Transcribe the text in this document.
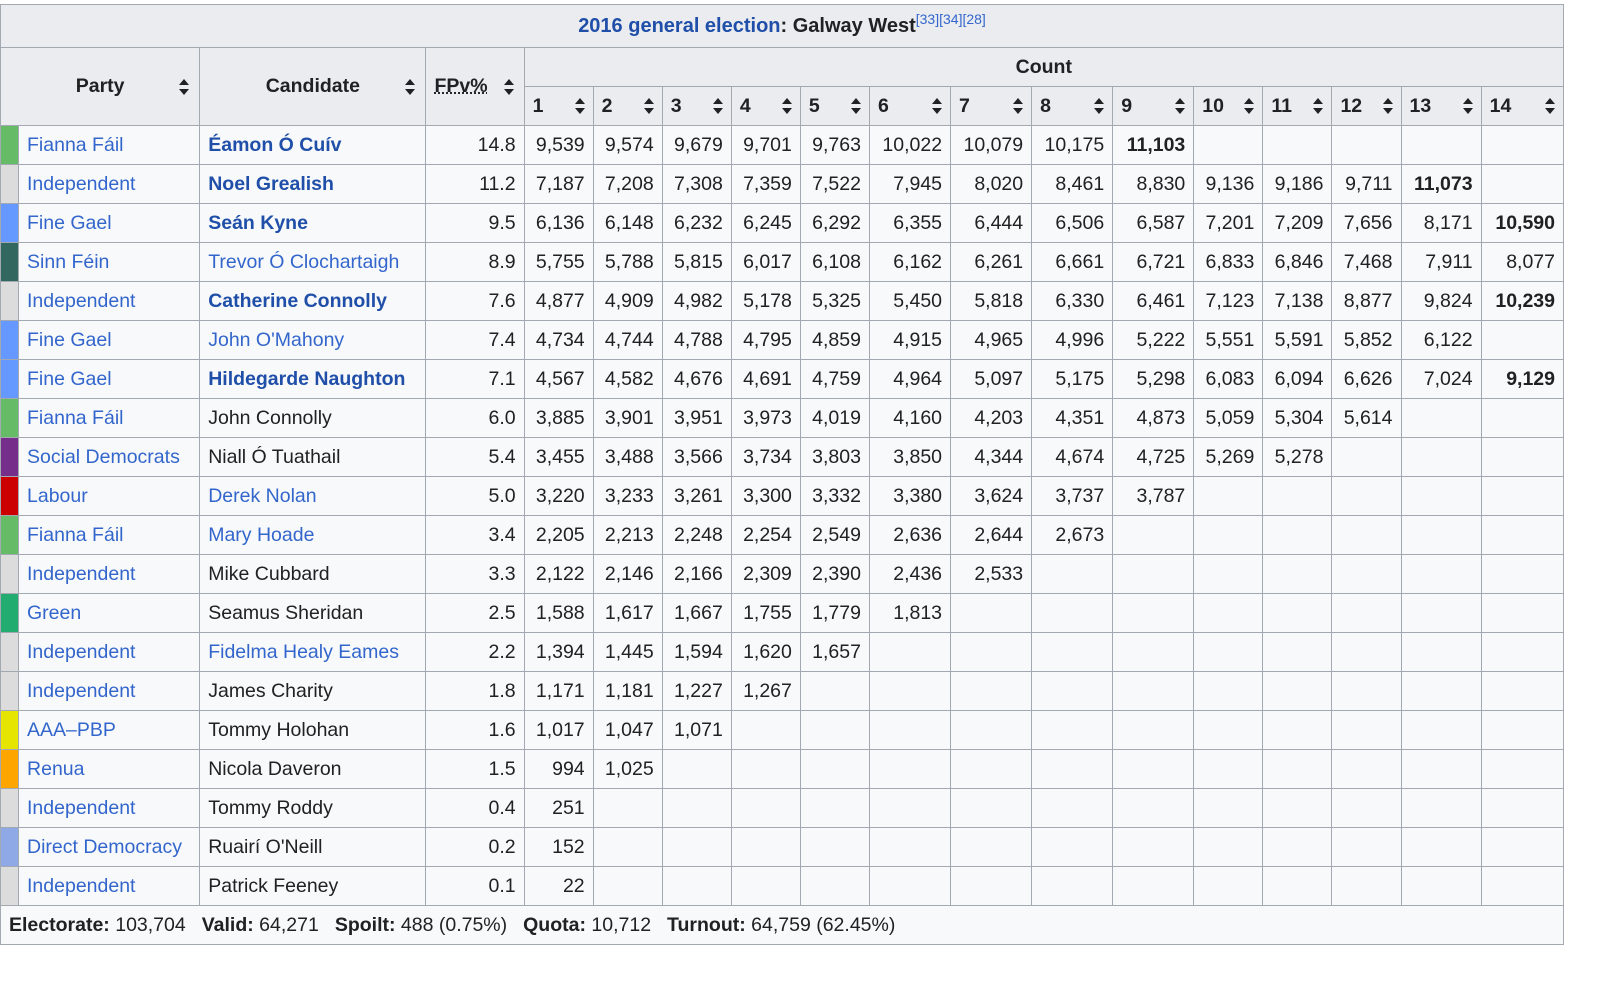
2016 general election: Galway West[33][34][28]
Party		Candidate	FPv%	Count													
				1	2	3	4	5	6	7	8	9	10	11	12	13	14

	Fianna Fáil	Éamon Ó Cuív	14.8	9,539	9,574	9,679	9,701	9,763	10,022	10,079	10,175	11,103					
	Independent	Noel Grealish	11.2	7,187	7,208	7,308	7,359	7,522	7,945	8,020	8,461	8,830	9,136	9,186	9,711	11,073	
	Fine Gael	Seán Kyne	9.5	6,136	6,148	6,232	6,245	6,292	6,355	6,444	6,506	6,587	7,201	7,209	7,656	8,171	10,590
	Sinn Féin	Trevor Ó Clochartaigh	8.9	5,755	5,788	5,815	6,017	6,108	6,162	6,261	6,661	6,721	6,833	6,846	7,468	7,911	8,077
	Independent	Catherine Connolly	7.6	4,877	4,909	4,982	5,178	5,325	5,450	5,818	6,330	6,461	7,123	7,138	8,877	9,824	10,239
	Fine Gael	John O'Mahony	7.4	4,734	4,744	4,788	4,795	4,859	4,915	4,965	4,996	5,222	5,551	5,591	5,852	6,122	
	Fine Gael	Hildegarde Naughton	7.1	4,567	4,582	4,676	4,691	4,759	4,964	5,097	5,175	5,298	6,083	6,094	6,626	7,024	9,129
	Fianna Fáil	John Connolly	6.0	3,885	3,901	3,951	3,973	4,019	4,160	4,203	4,351	4,873	5,059	5,304	5,614		
	Social Democrats	Niall Ó Tuathail	5.4	3,455	3,488	3,566	3,734	3,803	3,850	4,344	4,674	4,725	5,269	5,278			
	Labour	Derek Nolan	5.0	3,220	3,233	3,261	3,300	3,332	3,380	3,624	3,737	3,787					
	Fianna Fáil	Mary Hoade	3.4	2,205	2,213	2,248	2,254	2,549	2,636	2,644	2,673						
	Independent	Mike Cubbard	3.3	2,122	2,146	2,166	2,309	2,390	2,436	2,533							
	Green	Seamus Sheridan	2.5	1,588	1,617	1,667	1,755	1,779	1,813								
	Independent	Fidelma Healy Eames	2.2	1,394	1,445	1,594	1,620	1,657									
	Independent	James Charity	1.8	1,171	1,181	1,227	1,267										
	AAA–PBP	Tommy Holohan	1.6	1,017	1,047	1,071											
	Renua	Nicola Daveron	1.5	994	1,025												
	Independent	Tommy Roddy	0.4	251													
	Direct Democracy	Ruairí O'Neill	0.2	152													
	Independent	Patrick Feeney	0.1	22													
Electorate: 103,704 Valid: 64,271 Spoilt: 488 (0.75%) Quota: 10,712 Turnout: 64,759 (62.45%)																	
